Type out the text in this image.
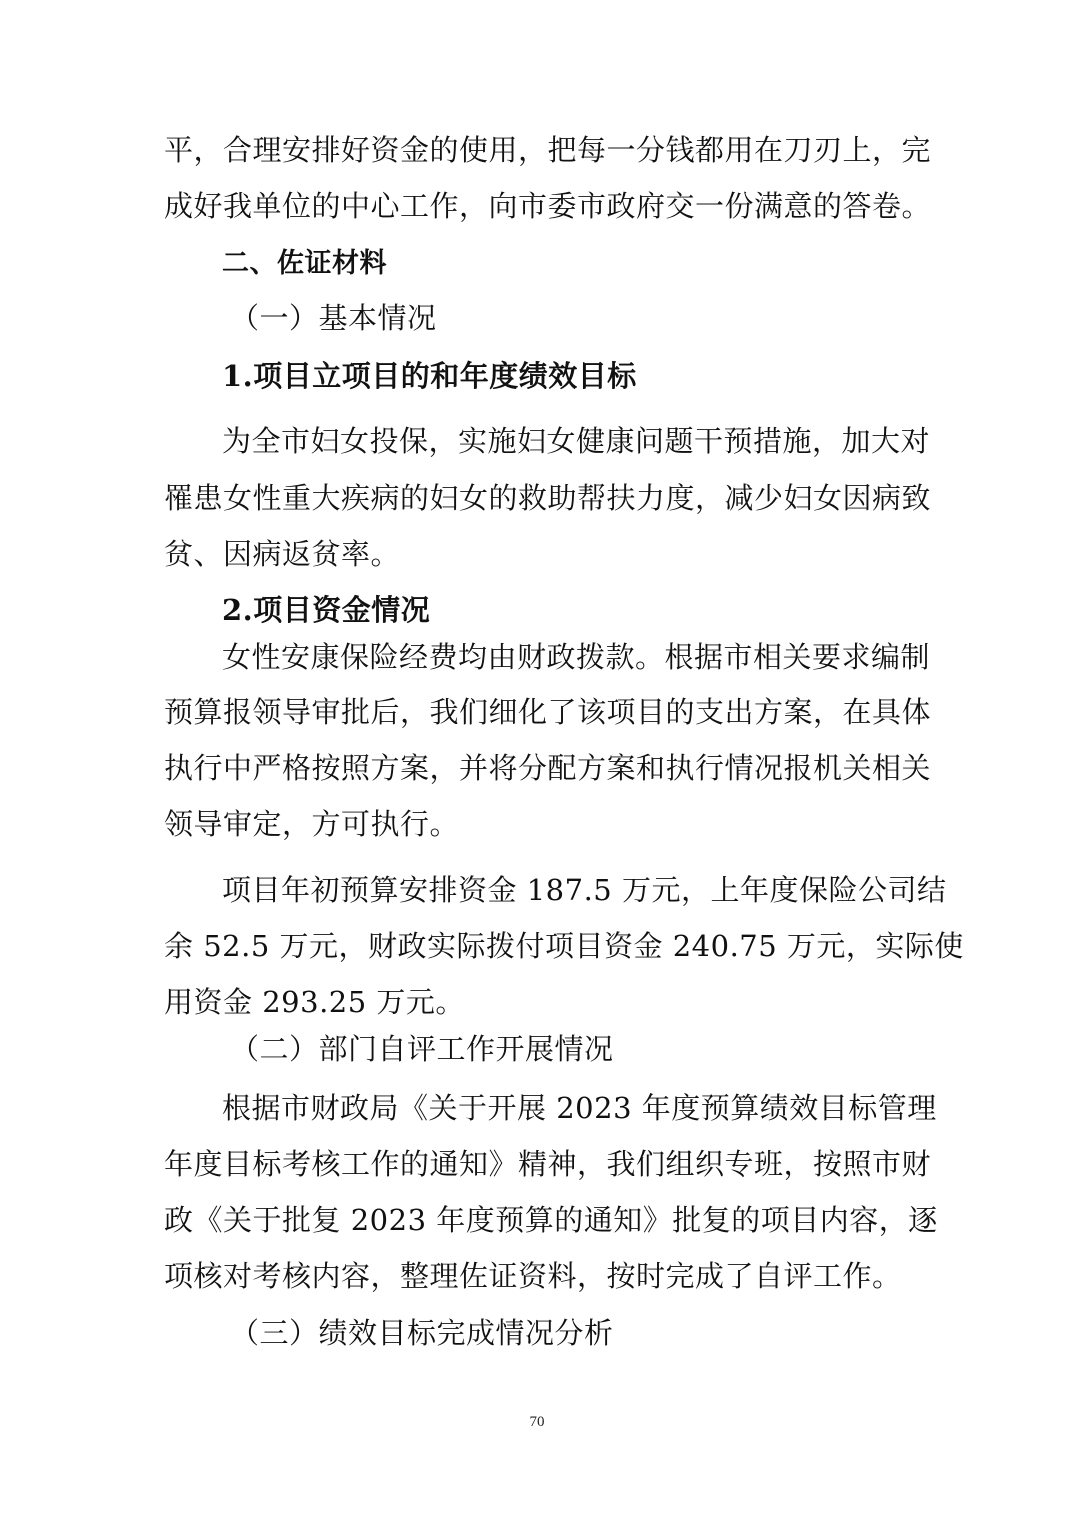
平，合理安排好资金的使用，把每一分钱都用在刀刃上，完
成好我单位的中心工作，向市委市政府交一份满意的答卷。
二、佐证材料
（一）基本情况
1.项目立项目的和年度绩效目标
为全市妇女投保，实施妇女健康问题干预措施，加大对
罹患女性重大疾病的妇女的救助帮扶力度，减少妇女因病致
贫、因病返贫率。
2.项目资金情况
女性安康保险经费均由财政拨款。根据市相关要求编制
预算报领导审批后，我们细化了该项目的支出方案，在具体
执行中严格按照方案，并将分配方案和执行情况报机关相关
领导审定，方可执行。
项目年初预算安排资金 187.5 万元，上年度保险公司结
余 52.5 万元，财政实际拨付项目资金 240.75 万元，实际使
用资金 293.25 万元。
（二）部门自评工作开展情况
根据市财政局《关于开展 2023 年度预算绩效目标管理
年度目标考核工作的通知》精神，我们组织专班，按照市财
政《关于批复 2023 年度预算的通知》批复的项目内容，逐
项核对考核内容，整理佐证资料，按时完成了自评工作。
（三）绩效目标完成情况分析
70
